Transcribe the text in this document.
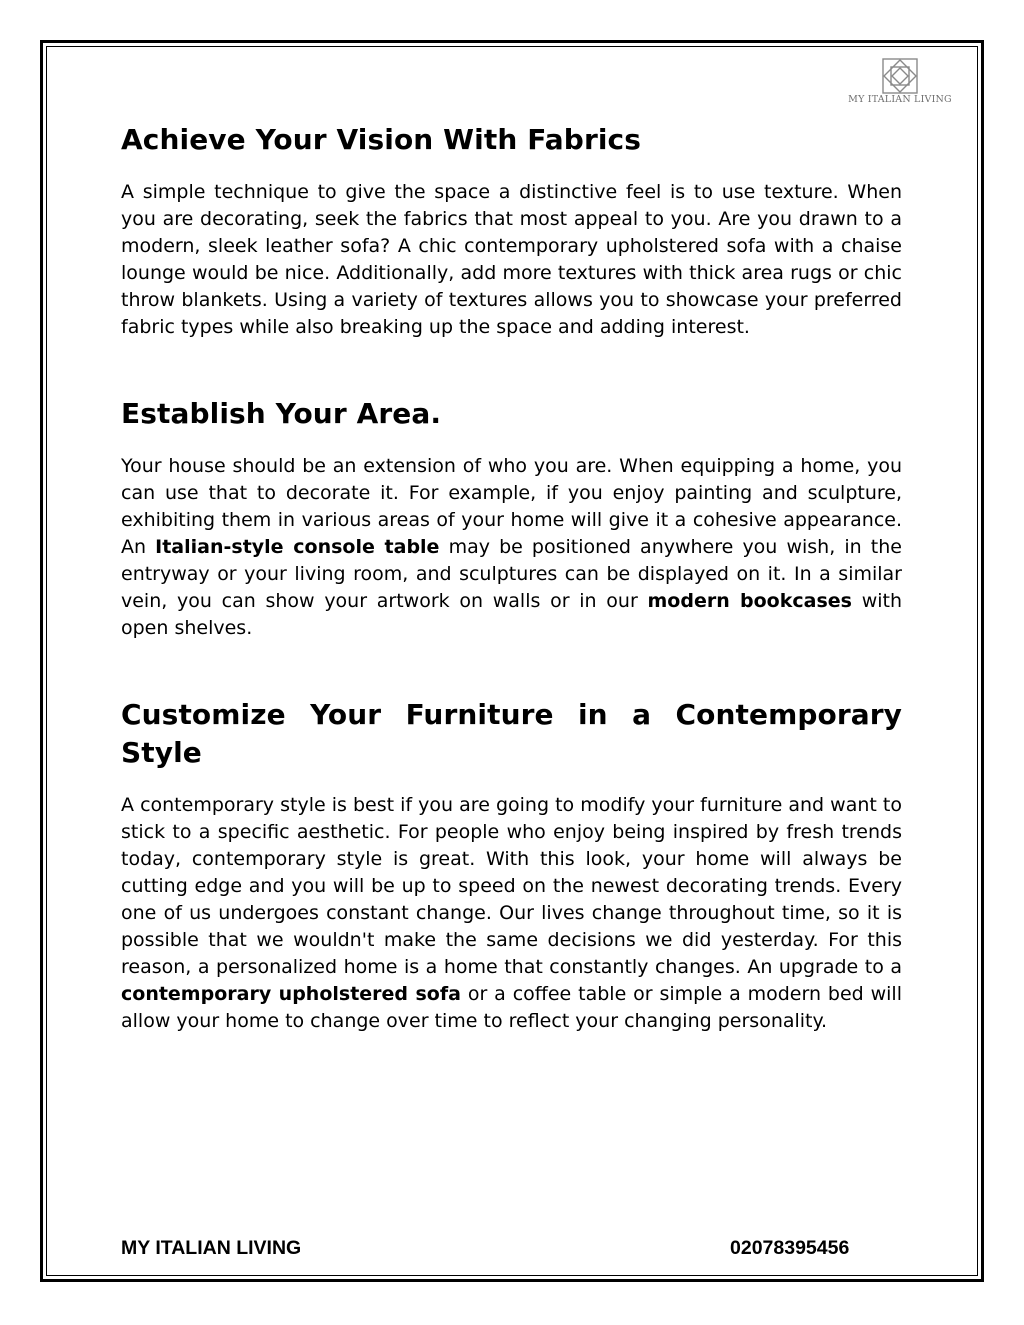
MY ITALIAN LIVING
Achieve Your Vision With Fabrics

A simple technique to give the space a distinctive feel is to use texture. When you are decorating, seek the fabrics that most appeal to you. Are you drawn to a modern, sleek leather sofa? A chic contemporary upholstered sofa with a chaise lounge would be nice. Additionally, add more textures with thick area rugs or chic throw blankets. Using a variety of textures allows you to showcase your preferred fabric types while also breaking up the space and adding interest.

Establish Your Area.

Your house should be an extension of who you are. When equipping a home, you can use that to decorate it. For example, if you enjoy painting and sculpture, exhibiting them in various areas of your home will give it a cohesive appearance. An Italian-style console table may be positioned anywhere you wish, in the entryway or your living room, and sculptures can be displayed on it. In a similar vein, you can show your artwork on walls or in our modern bookcases with open shelves.

Customize Your Furniture in a Contemporary Style

A contemporary style is best if you are going to modify your furniture and want to stick to a specific aesthetic. For people who enjoy being inspired by fresh trends today, contemporary style is great. With this look, your home will always be cutting edge and you will be up to speed on the newest decorating trends. Every one of us undergoes constant change. Our lives change throughout time, so it is possible that we wouldn't make the same decisions we did yesterday. For this reason, a personalized home is a home that constantly changes. An upgrade to a contemporary upholstered sofa or a coffee table or simple a modern bed will allow your home to change over time to reflect your changing personality.

MY ITALIAN LIVING	02078395456
